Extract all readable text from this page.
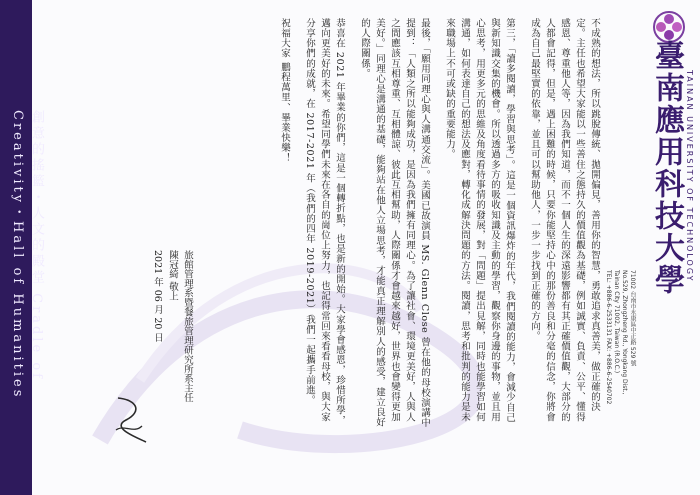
創意的搖籃・人文的殿堂 Cradle of Creativity・Hall of Humanities	臺南應用科技大學 TAINAN UNIVERSITY OF TECHNOLOGY
71002 台南市永康區中正路 529 號
No.529, Zhongzheng Rd., Yongkang Dist.,
Tainan City 71002, Taiwan (R.O.C.)
TEL: +886-6-2533131 FAX: +886-6-2540702

不成熟的想法，所以跳脫傳統、拋開偏見，善用你的智慧，勇敢追求真善美，做正確的決定。主任也希望大家能以一些善住之態持久的價值觀為基礎，例如誠實、負責、公平、懂得感恩、尊重他人等，因為我們知道，而不一個人生的深遠影響都有其正確價值觀，大部分的人都會記得，但是，遇上困難的時候，只要你能堅持心中的那份善良和分毫的信念，你將會成為自己最堅實的依靠，並且可以幫助他人，一步一步找到正確的方向。

第三，「讀多閱讀，學習與思考」。這是一個資訊爆炸的年代，我們閱讀的能力，會減少自己與新知識交集的機會。所以透過多方的吸收知識及主動的學習，觀察你身邊的事物，並且用心思考，用更多元的思維及角度看待事情的發展，對「問題」提出見解，同時也能學習如何溝通，如何表達自己的想法及應對，轉化成解決問題的方法。閱讀，思考和批判的能力是未來職場上不可或缺的重要能力。

最後，「願用同理心與人溝通交流」。美國已故演員 MS. Glenn Close 曾在他的母校演講中提到：「人類之所以能夠成功，是因為我們擁有同理心。為了讓社會、環境更美好，人與人之間應該互相尊重、互相體諒、彼此互相幫助，人際關係才會越來越好，世界也會變得更加美好。」同理心是溝通的基礎，能夠站在他人立場思考，才能真正理解別人的感受，建立良好的人際關係。

恭喜在 2021 年畢業的你們，這是一個轉折點，也是新的開始。大家學會感恩，珍惜所學，邁向更美好的未來。希望同學們未來在各自的崗位上努力，也記得常回來看看母校，與大家分享你們的成就，在 2017-2021 年（我們的四年 2019-2021）我們一起攜手前進。

祝福大家 鵬程萬里、畢業快樂！

旅館管理系暨餐旅管理研究所系主任
陳冠綺 敬上
2021 年 06 月 20 日
